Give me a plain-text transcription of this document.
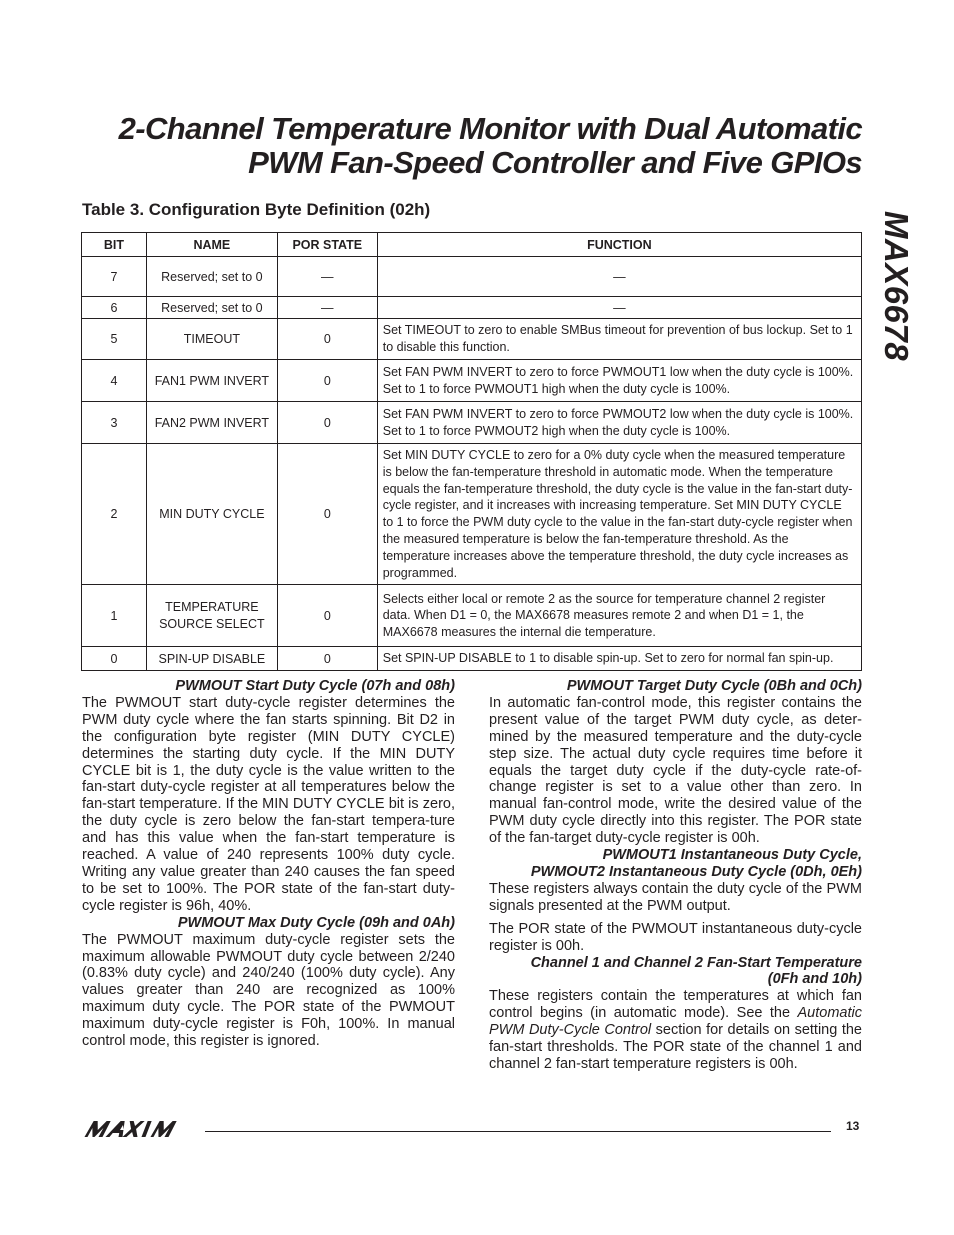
2-Channel Temperature Monitor with Dual Automatic
PWM Fan-Speed Controller and Five GPIOs
MAX6678
Table 3. Configuration Byte Definition (02h)
BIT	NAME	POR STATE	FUNCTION
7	Reserved; set to 0	—	—
6	Reserved; set to 0	—	—
5	TIMEOUT	0	Set TIMEOUT to zero to enable SMBus timeout for prevention of bus lockup. Set to 1 to disable this function.
4	FAN1 PWM INVERT	0	Set FAN PWM INVERT to zero to force PWMOUT1 low when the duty cycle is 100%. Set to 1 to force PWMOUT1 high when the duty cycle is 100%.
3	FAN2 PWM INVERT	0	Set FAN PWM INVERT to zero to force PWMOUT2 low when the duty cycle is 100%. Set to 1 to force PWMOUT2 high when the duty cycle is 100%.
2	MIN DUTY CYCLE	0	Set MIN DUTY CYCLE to zero for a 0% duty cycle when the measured temperature is below the fan-temperature threshold in automatic mode. When the temperature equals the fan-temperature threshold, the duty cycle is the value in the fan-start duty-cycle register, and it increases with increasing temperature. Set MIN DUTY CYCLE to 1 to force the PWM duty cycle to the value in the fan-start duty-cycle register when the measured temperature is below the fan-temperature threshold. As the temperature increases above the temperature threshold, the duty cycle increases as programmed.
1	TEMPERATURE SOURCE SELECT	0	Selects either local or remote 2 as the source for temperature channel 2 register data. When D1 = 0, the MAX6678 measures remote 2 and when D1 = 1, the MAX6678 measures the internal die temperature.
0	SPIN-UP DISABLE	0	Set SPIN-UP DISABLE to 1 to disable spin-up. Set to zero for normal fan spin-up.

PWMOUT Start Duty Cycle (07h and 08h)

The PWMOUT start duty-cycle register determines the PWM duty cycle where the fan starts spinning. Bit D2 in the configuration byte register (MIN DUTY CYCLE) determines the starting duty cycle. If the MIN DUTY CYCLE bit is 1, the duty cycle is the value written to the fan-start duty-cycle register at all temperatures below the fan-start temperature. If the MIN DUTY CYCLE bit is zero, the duty cycle is zero below the fan-start tempera-ture and has this value when the fan-start temperature is reached. A value of 240 represents 100% duty cycle. Writing any value greater than 240 causes the fan speed to be set to 100%. The POR state of the fan-start duty-cycle register is 96h, 40%.

PWMOUT Max Duty Cycle (09h and 0Ah)

The PWMOUT maximum duty-cycle register sets the maximum allowable PWMOUT duty cycle between 2/240 (0.83% duty cycle) and 240/240 (100% duty cycle). Any values greater than 240 are recognized as 100% maximum duty cycle. The POR state of the PWMOUT maximum duty-cycle register is F0h, 100%. In manual control mode, this register is ignored.

PWMOUT Target Duty Cycle (0Bh and 0Ch)

In automatic fan-control mode, this register contains the present value of the target PWM duty cycle, as deter-mined by the measured temperature and the duty-cycle step size. The actual duty cycle requires time before it equals the target duty cycle if the duty-cycle rate-of-change register is set to a value other than zero. In manual fan-control mode, write the desired value of the PWM duty cycle directly into this register. The POR state of the fan-target duty-cycle register is 00h.

PWMOUT1 Instantaneous Duty Cycle,

PWMOUT2 Instantaneous Duty Cycle (0Dh, 0Eh)

These registers always contain the duty cycle of the PWM signals presented at the PWM output.

The POR state of the PWMOUT instantaneous duty-cycle register is 00h.

Channel 1 and Channel 2 Fan-Start Temperature

(0Fh and 10h)

These registers contain the temperatures at which fan control begins (in automatic mode). See the Automatic PWM Duty-Cycle Control section for details on setting the fan-start thresholds. The POR state of the channel 1 and channel 2 fan-start temperature registers is 00h.

13
